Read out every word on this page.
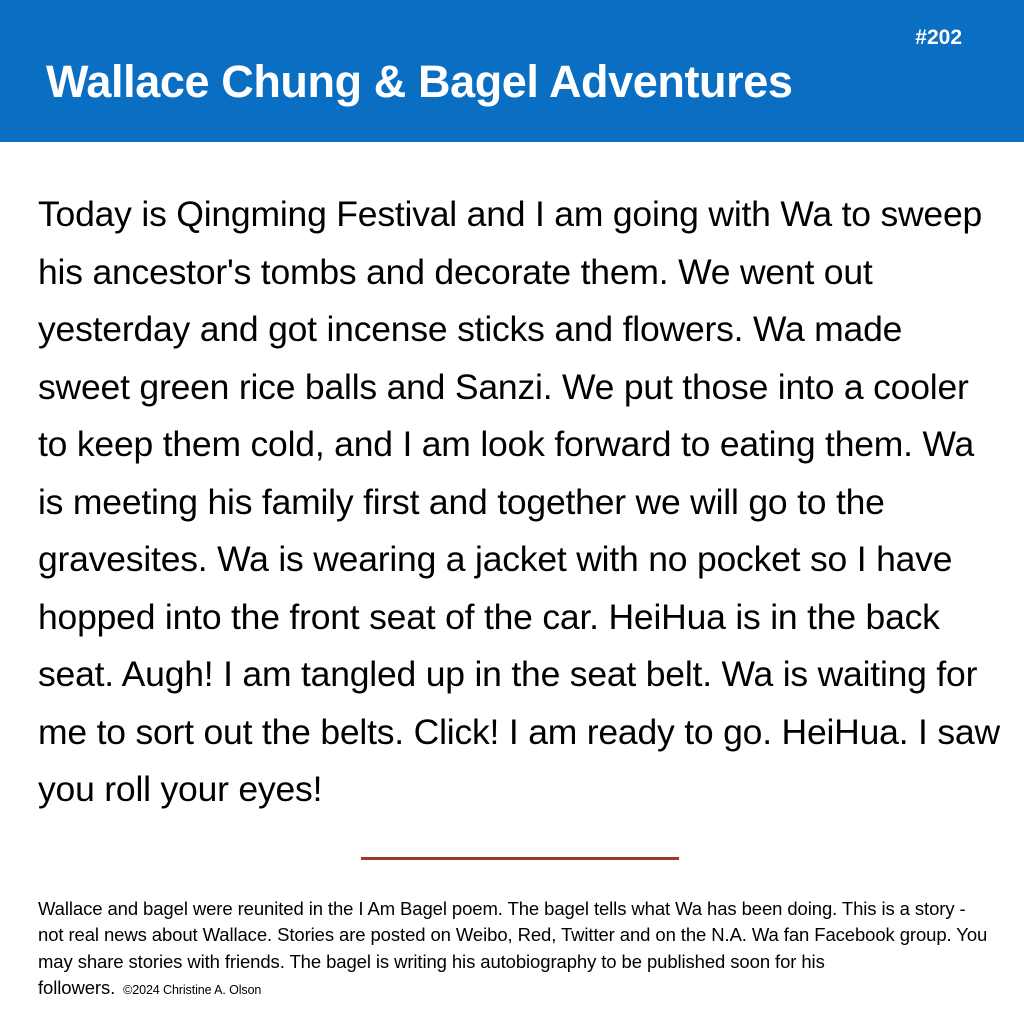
#202
Wallace Chung & Bagel Adventures
Today is Qingming Festival and I am going with Wa to sweep his ancestor's tombs and decorate them. We went out yesterday and got incense sticks and flowers. Wa made sweet green rice balls and Sanzi. We put those into a cooler to keep them cold, and I am look forward to eating them. Wa is meeting his family first and together we will go to the gravesites. Wa is wearing a jacket with no pocket so I have hopped into the front seat of the car. HeiHua is in the back seat. Augh! I am tangled up in the seat belt. Wa is waiting for me to sort out the belts. Click! I am ready to go. HeiHua. I saw you roll your eyes!
Wallace and bagel were reunited in the I Am Bagel poem. The bagel tells what Wa has been doing. This is a story - not real news about Wallace. Stories are posted on Weibo, Red, Twitter and on the N.A. Wa fan Facebook group. You may share stories with friends. The bagel is writing his autobiography to be published soon for his followers. ©2024 Christine A. Olson
